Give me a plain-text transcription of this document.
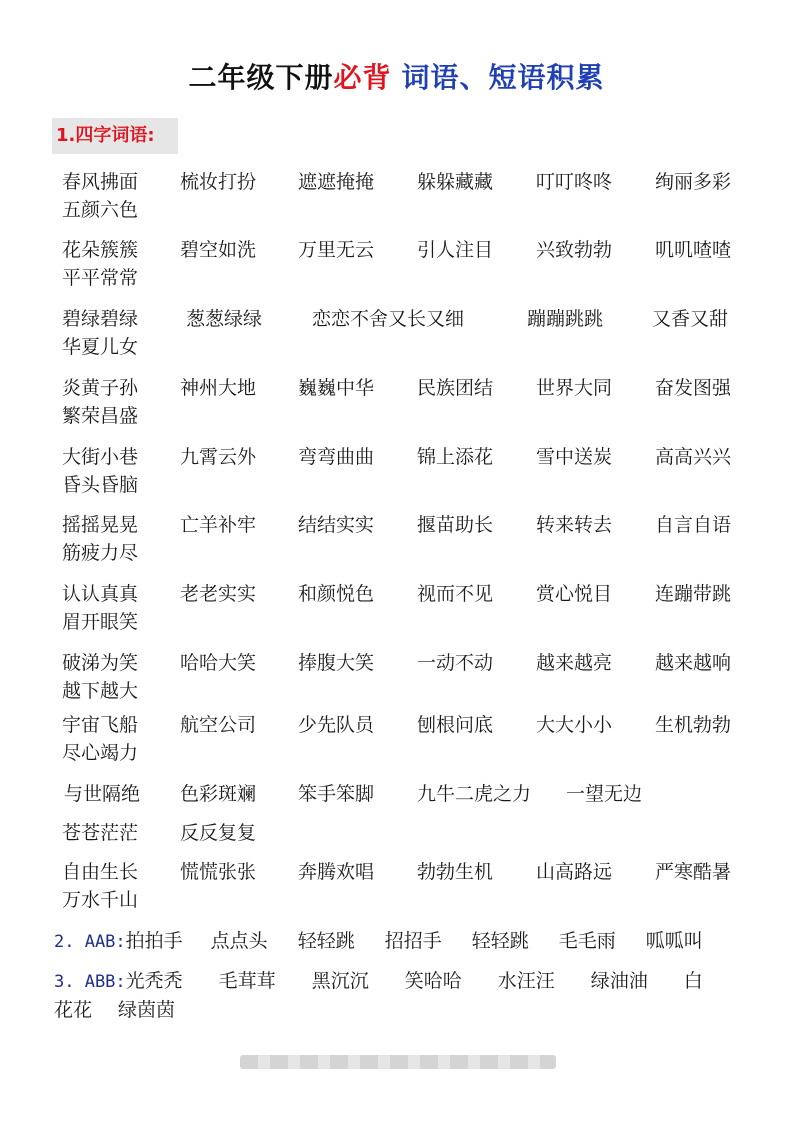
二年级下册必背 词语、短语积累
1.四字词语:
春风拂面 梳妆打扮 遮遮掩掩 躲躲藏藏 叮叮咚咚 绚丽多彩
五颜六色
花朵簇簇 碧空如洗 万里无云 引人注目 兴致勃勃 叽叽喳喳
平平常常
碧绿碧绿	葱葱绿绿	恋恋不舍又长又细	蹦蹦跳跳	又香又甜
华夏儿女
炎黄子孙 神州大地 巍巍中华 民族团结 世界大同 奋发图强
繁荣昌盛
大街小巷 九霄云外 弯弯曲曲 锦上添花 雪中送炭 高高兴兴
昏头昏脑
摇摇晃晃 亡羊补牢 结结实实 揠苗助长 转来转去 自言自语
筋疲力尽
认认真真 老老实实 和颜悦色 视而不见 赏心悦目 连蹦带跳
眉开眼笑
破涕为笑 哈哈大笑 捧腹大笑 一动不动 越来越亮 越来越响
越下越大
宇宙飞船 航空公司 少先队员 刨根问底 大大小小 生机勃勃
尽心竭力
与世隔绝 色彩斑斓 笨手笨脚 九牛二虎之力 一望无边
苍苍茫茫 反反复复
自由生长 慌慌张张 奔腾欢唱 勃勃生机 山高路远 严寒酷暑
万水千山
2. AAB:拍拍手 点点头 轻轻跳 招招手 轻轻跳 毛毛雨 呱呱叫
3. ABB:光秃秃 毛茸茸 黑沉沉 笑哈哈 水汪汪 绿油油 白
花花 绿茵茵
